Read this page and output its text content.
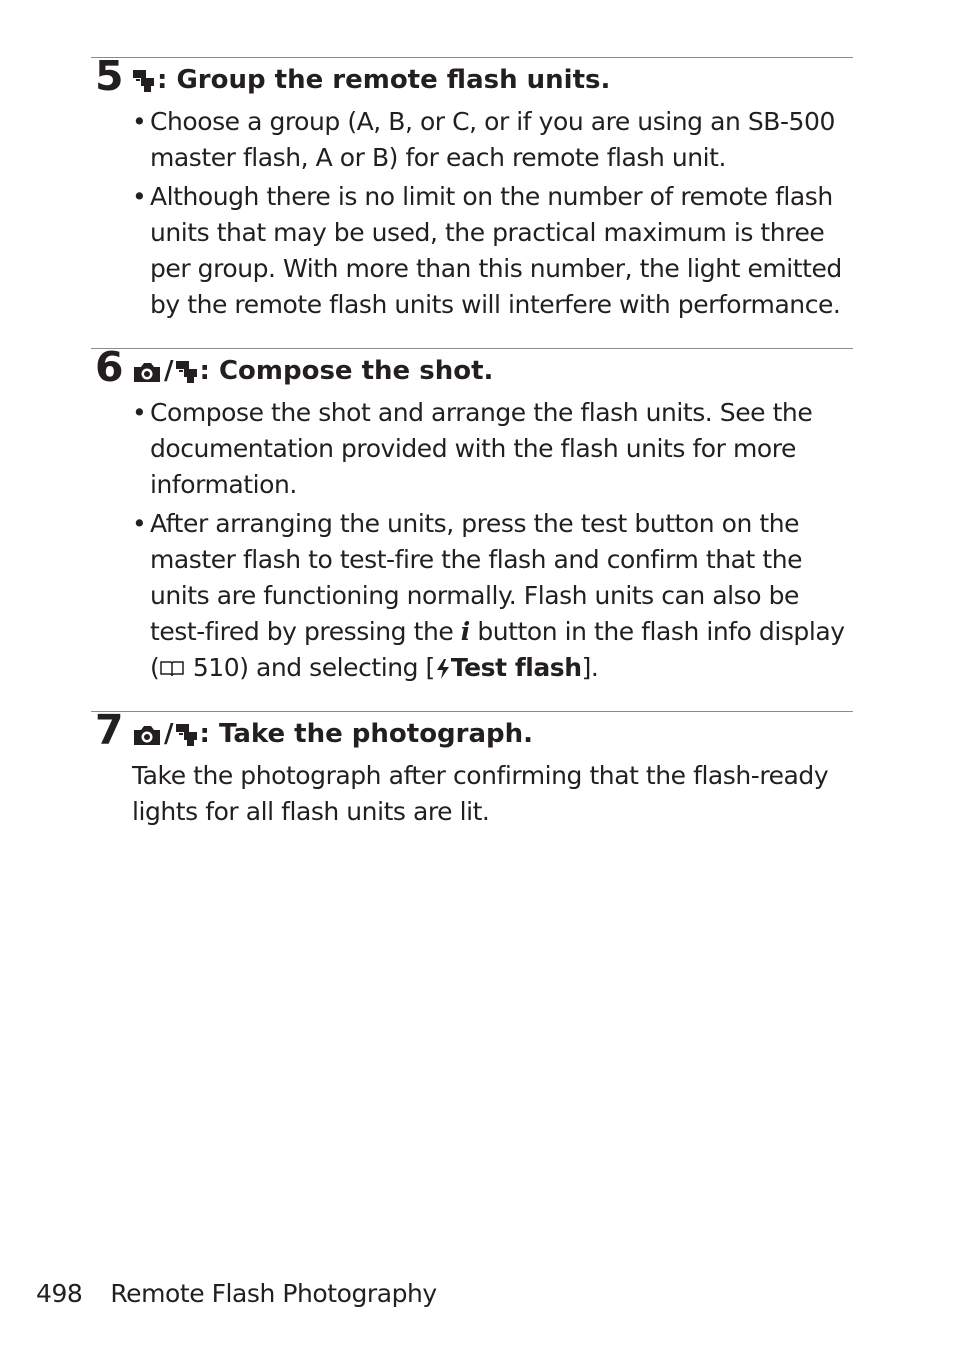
5 : Group the remote flash units.
• Choose a group (A, B, or C, or if you are using an SB-500 master flash, A or B) for each remote flash unit.
• Although there is no limit on the number of remote flash units that may be used, the practical maximum is three per group. With more than this number, the light emitted by the remote flash units will interfere with performance.
6 / : Compose the shot.
• Compose the shot and arrange the flash units. See the documentation provided with the flash units for more information.
• After arranging the units, press the test button on the master flash to test-fire the flash and confirm that the units are functioning normally. Flash units can also be test-fired by pressing the 𝒊 button in the flash info display ( 510) and selecting [ Test flash].
7 / : Take the photograph.
Take the photograph after confirming that the flash-ready lights for all flash units are lit.
498 Remote Flash Photography
